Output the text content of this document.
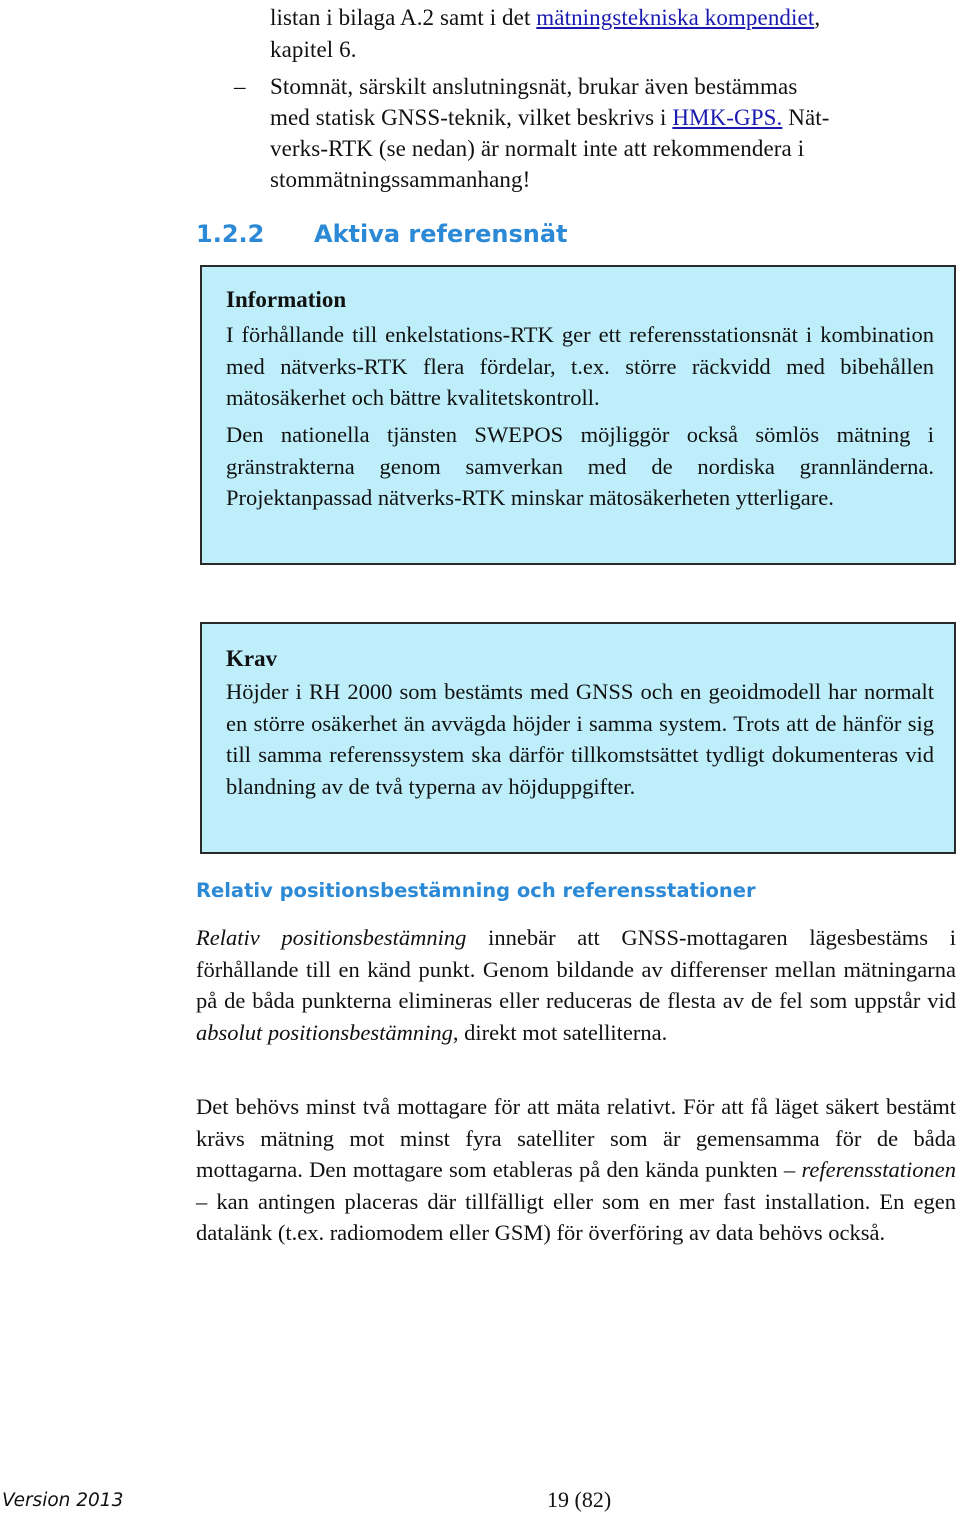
listan i bilaga A.2 samt i det mätningstekniska kompendiet,
kapitel 6.
– Stomnät, särskilt anslutningsnät, brukar även bestämmas
med statisk GNSS-teknik, vilket beskrivs i HMK-GPS. Nät-
verks-RTK (se nedan) är normalt inte att rekommendera i
stommätningssammanhang!
1.2.2 Aktiva referensnät
Information
I förhållande till enkelstations-RTK ger ett referensstationsnät i kombination med nätverks-RTK flera fördelar, t.ex. större räckvidd med bibehållen mätosäkerhet och bättre kvalitetskontroll.
Den nationella tjänsten SWEPOS möjliggör också sömlös mätning i gränstrakterna genom samverkan med de nordiska grannländerna. Projektanpassad nätverks-RTK minskar mätosäkerheten ytterligare.
Krav
Höjder i RH 2000 som bestämts med GNSS och en geoidmodell har normalt en större osäkerhet än avvägda höjder i samma system. Trots att de hänför sig till samma referenssystem ska därför tillkomstsättet tydligt dokumenteras vid blandning av de två typerna av höjduppgifter.
Relativ positionsbestämning och referensstationer
Relativ positionsbestämning innebär att GNSS-mottagaren lägesbestäms i förhållande till en känd punkt. Genom bildande av differenser mellan mätningarna på de båda punkterna elimineras eller reduceras de flesta av de fel som uppstår vid absolut positionsbestämning, direkt mot satelliterna.
Det behövs minst två mottagare för att mäta relativt. För att få läget säkert bestämt krävs mätning mot minst fyra satelliter som är gemensamma för de båda mottagarna. Den mottagare som etableras på den kända punkten – referensstationen – kan antingen placeras där tillfälligt eller som en mer fast installation. En egen datalänk (t.ex. radiomodem eller GSM) för överföring av data behövs också.
Version 2013	19 (82)
